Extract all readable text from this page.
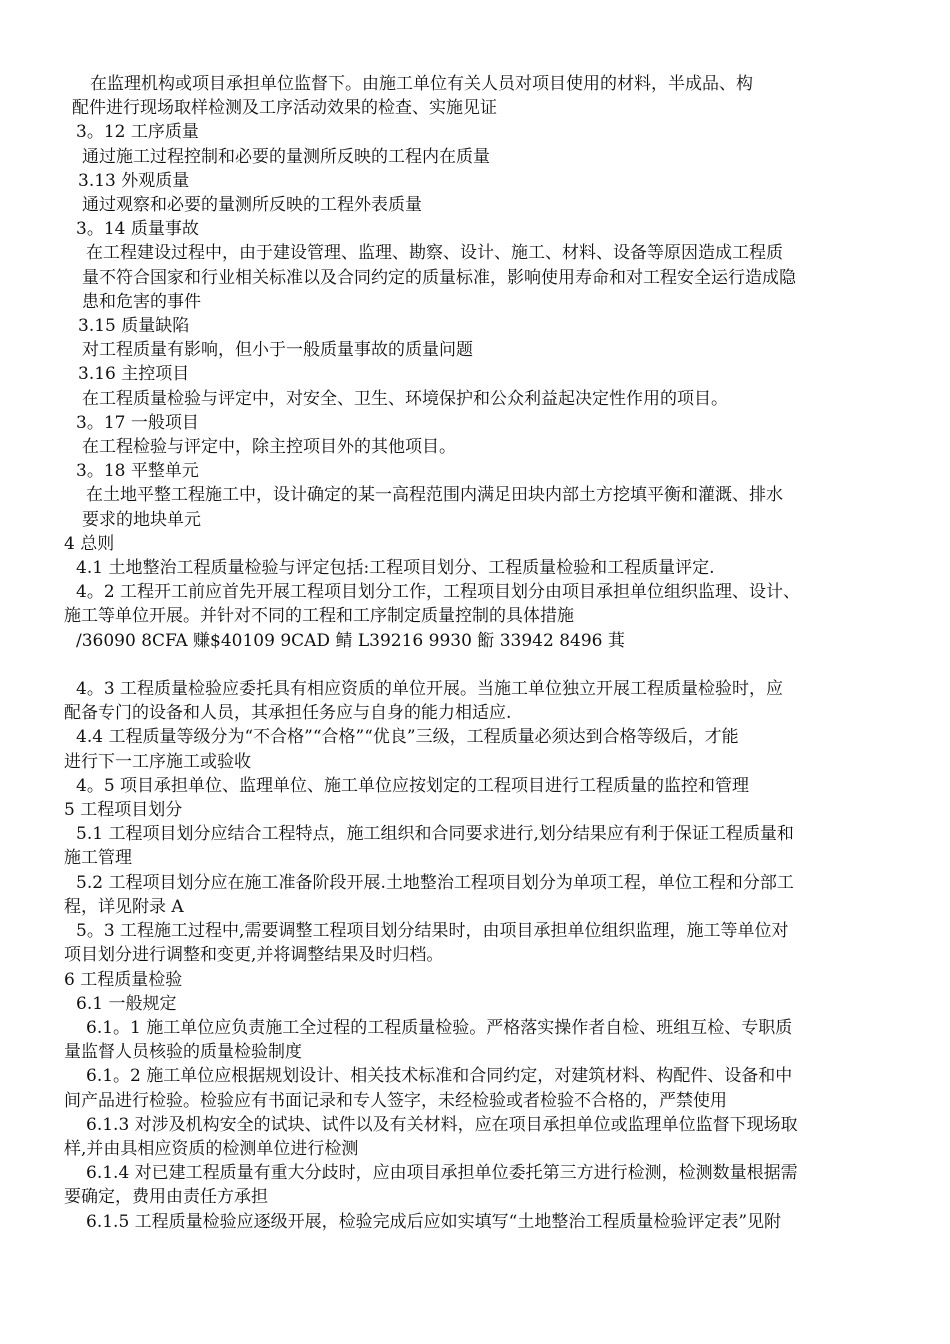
在监理机构或项目承担单位监督下。由施工单位有关人员对项目使用的材料，半成品、构

配件进行现场取样检测及工序活动效果的检查、实施见证

3。12 工序质量

通过施工过程控制和必要的量测所反映的工程内在质量

3.13 外观质量

通过观察和必要的量测所反映的工程外表质量

3。14 质量事故

在工程建设过程中，由于建设管理、监理、勘察、设计、施工、材料、设备等原因造成工程质

量不符合国家和行业相关标准以及合同约定的质量标准，影响使用寿命和对工程安全运行造成隐

患和危害的事件

3.15 质量缺陷

对工程质量有影响，但小于一般质量事故的质量问题

3.16 主控项目

在工程质量检验与评定中，对安全、卫生、环境保护和公众利益起决定性作用的项目。

3。17 一般项目

在工程检验与评定中，除主控项目外的其他项目。

3。18 平整单元

在土地平整工程施工中，设计确定的某一高程范围内满足田块内部土方挖填平衡和灌溉、排水

要求的地块单元

4 总则

4.1 土地整治工程质量检验与评定包括:工程项目划分、工程质量检验和工程质量评定.

4。2 工程开工前应首先开展工程项目划分工作，工程项目划分由项目承担单位组织监理、设计、

施工等单位开展。并针对不同的工程和工序制定质量控制的具体措施

/36090 8CFA 赚$40109 9CAD 鲭 L39216 9930 餰 33942 8496 萁

4。3 工程质量检验应委托具有相应资质的单位开展。当施工单位独立开展工程质量检验时，应

配备专门的设备和人员，其承担任务应与自身的能力相适应.

4.4 工程质量等级分为“不合格”“合格”“优良”三级，工程质量必须达到合格等级后，才能

进行下一工序施工或验收

4。5 项目承担单位、监理单位、施工单位应按划定的工程项目进行工程质量的监控和管理

5 工程项目划分

5.1 工程项目划分应结合工程特点，施工组织和合同要求进行,划分结果应有利于保证工程质量和

施工管理

5.2 工程项目划分应在施工准备阶段开展.土地整治工程项目划分为单项工程，单位工程和分部工

程，详见附录 A

5。3 工程施工过程中,需要调整工程项目划分结果时，由项目承担单位组织监理，施工等单位对

项目划分进行调整和变更,并将调整结果及时归档。

6 工程质量检验

6.1 一般规定

6.1。1 施工单位应负责施工全过程的工程质量检验。严格落实操作者自检、班组互检、专职质

量监督人员核验的质量检验制度

6.1。2 施工单位应根据规划设计、相关技术标准和合同约定，对建筑材料、构配件、设备和中

间产品进行检验。检验应有书面记录和专人签字，未经检验或者检验不合格的，严禁使用

6.1.3 对涉及机构安全的试块、试件以及有关材料，应在项目承担单位或监理单位监督下现场取

样,并由具相应资质的检测单位进行检测

6.1.4 对已建工程质量有重大分歧时，应由项目承担单位委托第三方进行检测，检测数量根据需

要确定，费用由责任方承担

6.1.5 工程质量检验应逐级开展，检验完成后应如实填写“土地整治工程质量检验评定表”见附
